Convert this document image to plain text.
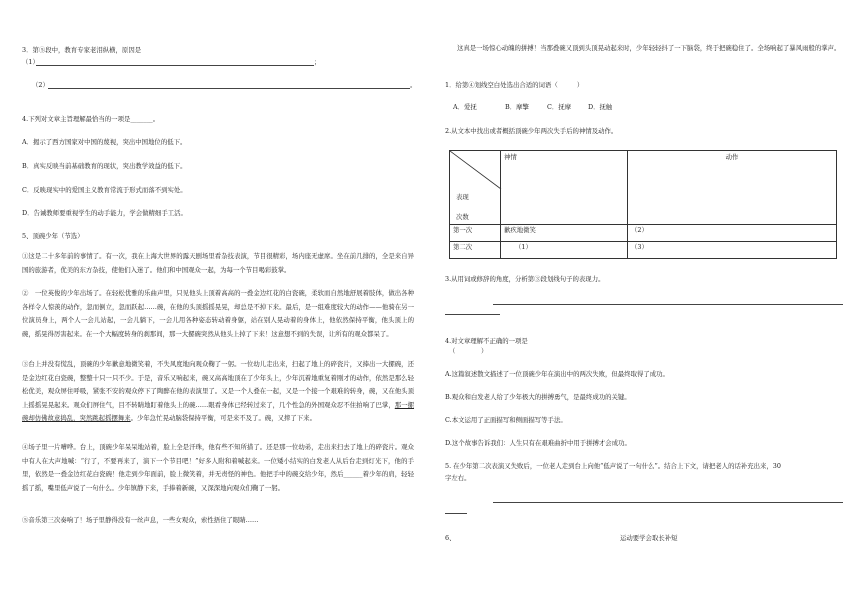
3．第⑤段中，教育专家老泪纵横，原因是
（1）	；
（2）	。
4.下列对文章主旨理解最恰当的一项是_______。
A．揭示了西方国家对中国的蔑视，突出中国地位的低下。
B．真实反映当前基础教育的现状，突出教学效益的低下。
C．反映现实中的爱国主义教育常流于形式而落不到实处。
D．告诫教师要重视学生的动手能力，学会做精细手工活。
5、顶碗少年（节选）
①这是二十多年前的事情了。有一次，我在上海大世界的露天剧场里看杂技表演，节目很精彩，场内座无虚席。坐在前几排的，全是来自异国的旅游者，优美的东方杂技，使他们入迷了。他们和中国观众一起，为每一个节目喝彩鼓掌。
②　一位英俊的少年出场了。在轻松优雅的乐曲声里，只见他头上顶着高高的一叠金边红花的白瓷碗，柔软而自然地舒展着肢体，做出各种各样令人惊羡的动作，忽而倒立，忽而跃起……碗，在他的头顶摇摇晃晃，却总是不掉下来。最后，是一组难度较大的动作——他骑在另一位演员身上，两个人一会儿站起，一会儿躺下，一会儿用各种姿态转动着身躯，站在别人晃动着的身体上，他依然保持平衡，他头顶上的碗，摇晃得厉害起来。在一个大幅度转身的刹那间，那一大摞碗突然从他头上掉了下来！这意想不到的失误，让所有的观众都呆了。
③台上并没有慌乱，顶碗的少年歉意地微笑着，不失风度地向观众鞠了一躬。一位幼儿走出来，扫起了地上的碎瓷片，又捧出一大摞碗，还是金边红花白瓷碗，整整十只一只不少。于是，音乐又响起来，碗又高高地顶在了少年头上，少年沉着地重复着刚才的动作，依然是那么轻松优美，观众屏住呼吸，紧张不安的观众停下了陶醉在他的表演里了。又是一个人叠在一起，又是一个接一个艰难的转身，碗，又在他头顶上摇摇晃晃起来。观众们屏住气，目不转睛地盯着他头上的碗……眼看身体已经转过来了，几个性急的外国观众忍不住拍响了巴掌，那一摞碗却仿佛故意捣乱，突然跳起摇摆舞来。少年急忙晃动脑袋保持平衡，可是来不及了。碗，又摔了下来。
④场子里一片嘈哗。台上，顶碗少年呆呆地站着，脸上全是汗珠，他有些不知所措了。还是那一位幼弟，走出来扫去了地上的碎瓷片。观众中有人在大声地喊：“行了，不要再来了，演下一个节目吧！”好多人附和着喊起来。一位矮小结实的白发老人从后台走到灯光下，他的手里，依然是一叠金边红花白瓷碗！他走到少年面前，脸上微笑着，并无责怪的神色。他把手中的碗交给少年，然后______着少年的肩，轻轻摇了摇，嘴里低声说了一句什么。少年镇静下来，手捧着新碗，又深深地向观众们鞠了一躬。
⑤音乐第三次奏响了！场子里静得没有一丝声息，一些女观众，索性捂住了眼睛……
这真是一场惊心动魄的拼搏！当那叠碗又顶到头顶晃动起来时，少年轻轻抖了一下脑袋，终于把碗稳住了。全场响起了暴风雨般的掌声。
1．给第④划线空白处选出合适的词语（　　　）
A．爱抚	B．摩擎	C．抚摩	D．抚触
2.从文本中找出或者概括顶碗少年两次失手后的神情及动作。
表现
次数	神情	动作
第一次	歉疚地微笑	（2）
第二次	（1）	（3）
3.从用词或修辞的角度，分析第③段划线句子的表现力。
4.对文章理解不正确的一项是
（　　　　）
A.这篇叙述散文描述了一位顶碗少年在演出中的两次失败，但最终取得了成功。
B.观众和白发老人给了少年极大的拼搏勇气，是最终成功的关键。
C.本文运用了正面描写和侧面描写等手法。
D.这个故事告诉我们：人生只有在艰难曲折中用于拼搏才会成功。
5. 在少年第二次表演又失败后，一位老人走到台上向他“低声说了一句什么”。结合上下文，请把老人的话补充出来，30
字左右。
6、	运动要学会取长补短
